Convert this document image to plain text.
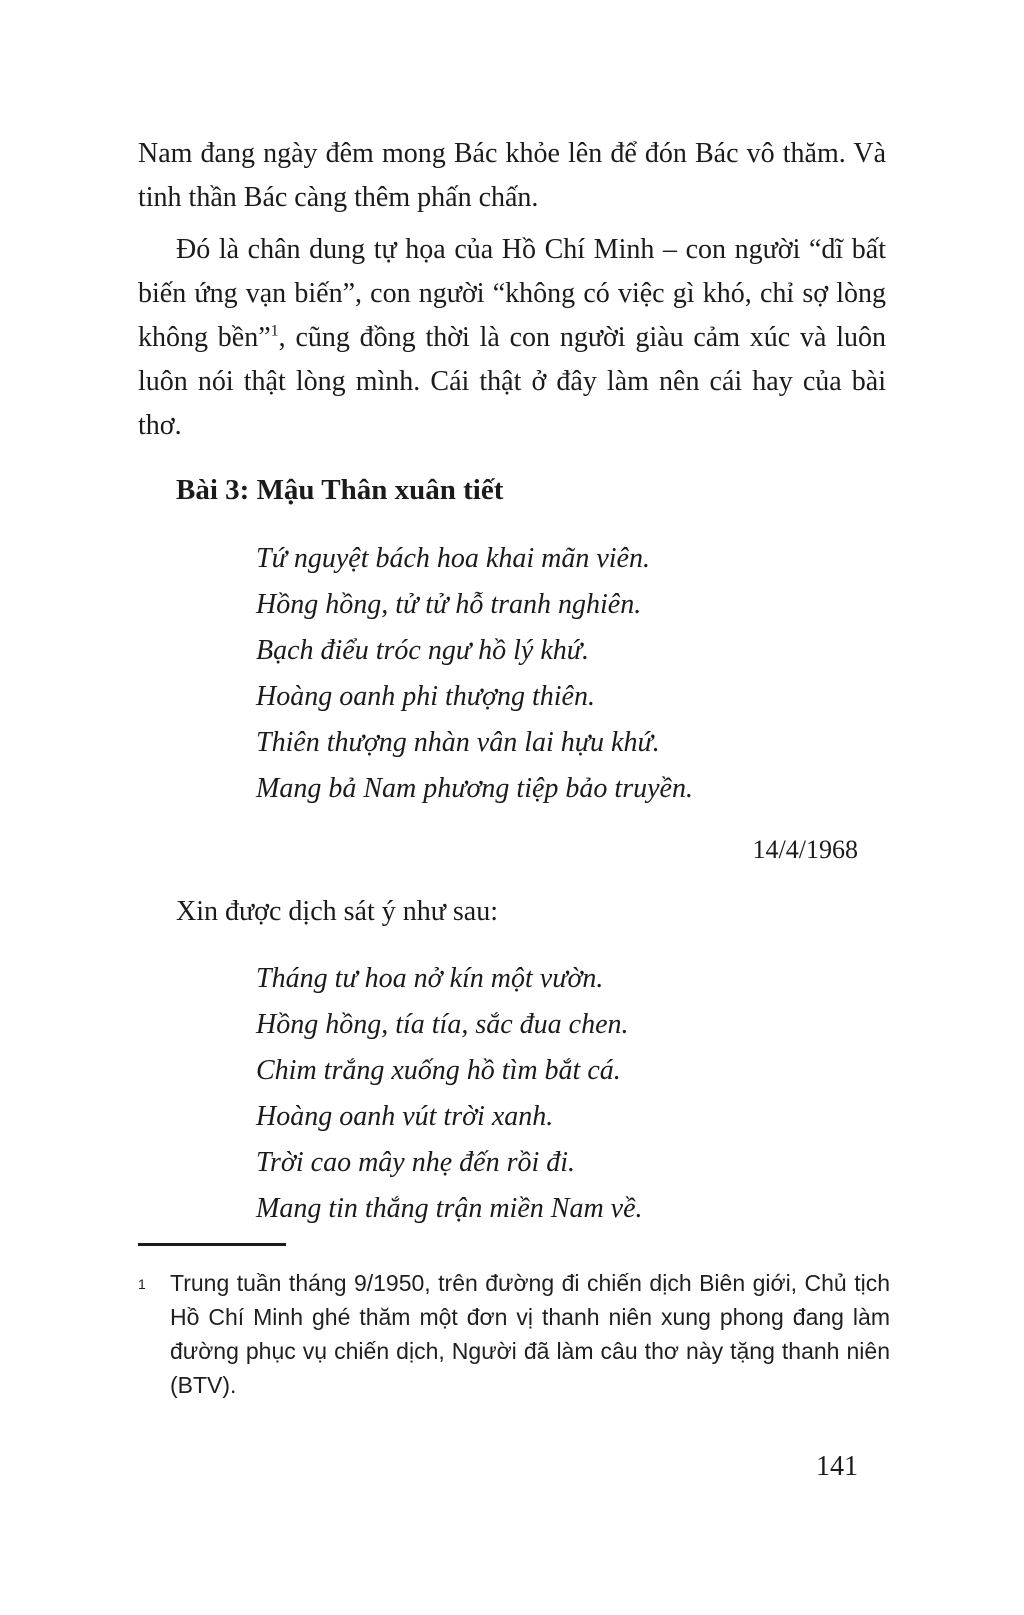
Nam đang ngày đêm mong Bác khỏe lên để đón Bác vô thăm. Và tinh thần Bác càng thêm phấn chấn.

Đó là chân dung tự họa của Hồ Chí Minh – con người “dĩ bất biến ứng vạn biến”, con người “không có việc gì khó, chỉ sợ lòng không bền”$^1$, cũng đồng thời là con người giàu cảm xúc và luôn luôn nói thật lòng mình. Cái thật ở đây làm nên cái hay của bài thơ.

Bài 3: Mậu Thân xuân tiết
Tứ nguyệt bách hoa khai mãn viên.
Hồng hồng, tử tử hỗ tranh nghiên.
Bạch điểu tróc ngư hồ lý khứ.
Hoàng oanh phi thượng thiên.
Thiên thượng nhàn vân lai hựu khứ.
Mang bả Nam phương tiệp bảo truyền.
14/4/1968

Xin được dịch sát ý như sau:

Tháng tư hoa nở kín một vườn.
Hồng hồng, tía tía, sắc đua chen.
Chim trắng xuống hồ tìm bắt cá.
Hoàng oanh vút trời xanh.
Trời cao mây nhẹ đến rồi đi.
Mang tin thắng trận miền Nam về.
1	Trung tuần tháng 9/1950, trên đường đi chiến dịch Biên giới, Chủ tịch Hồ Chí Minh ghé thăm một đơn vị thanh niên xung phong đang làm đường phục vụ chiến dịch, Người đã làm câu thơ này tặng thanh niên (BTV).
141
